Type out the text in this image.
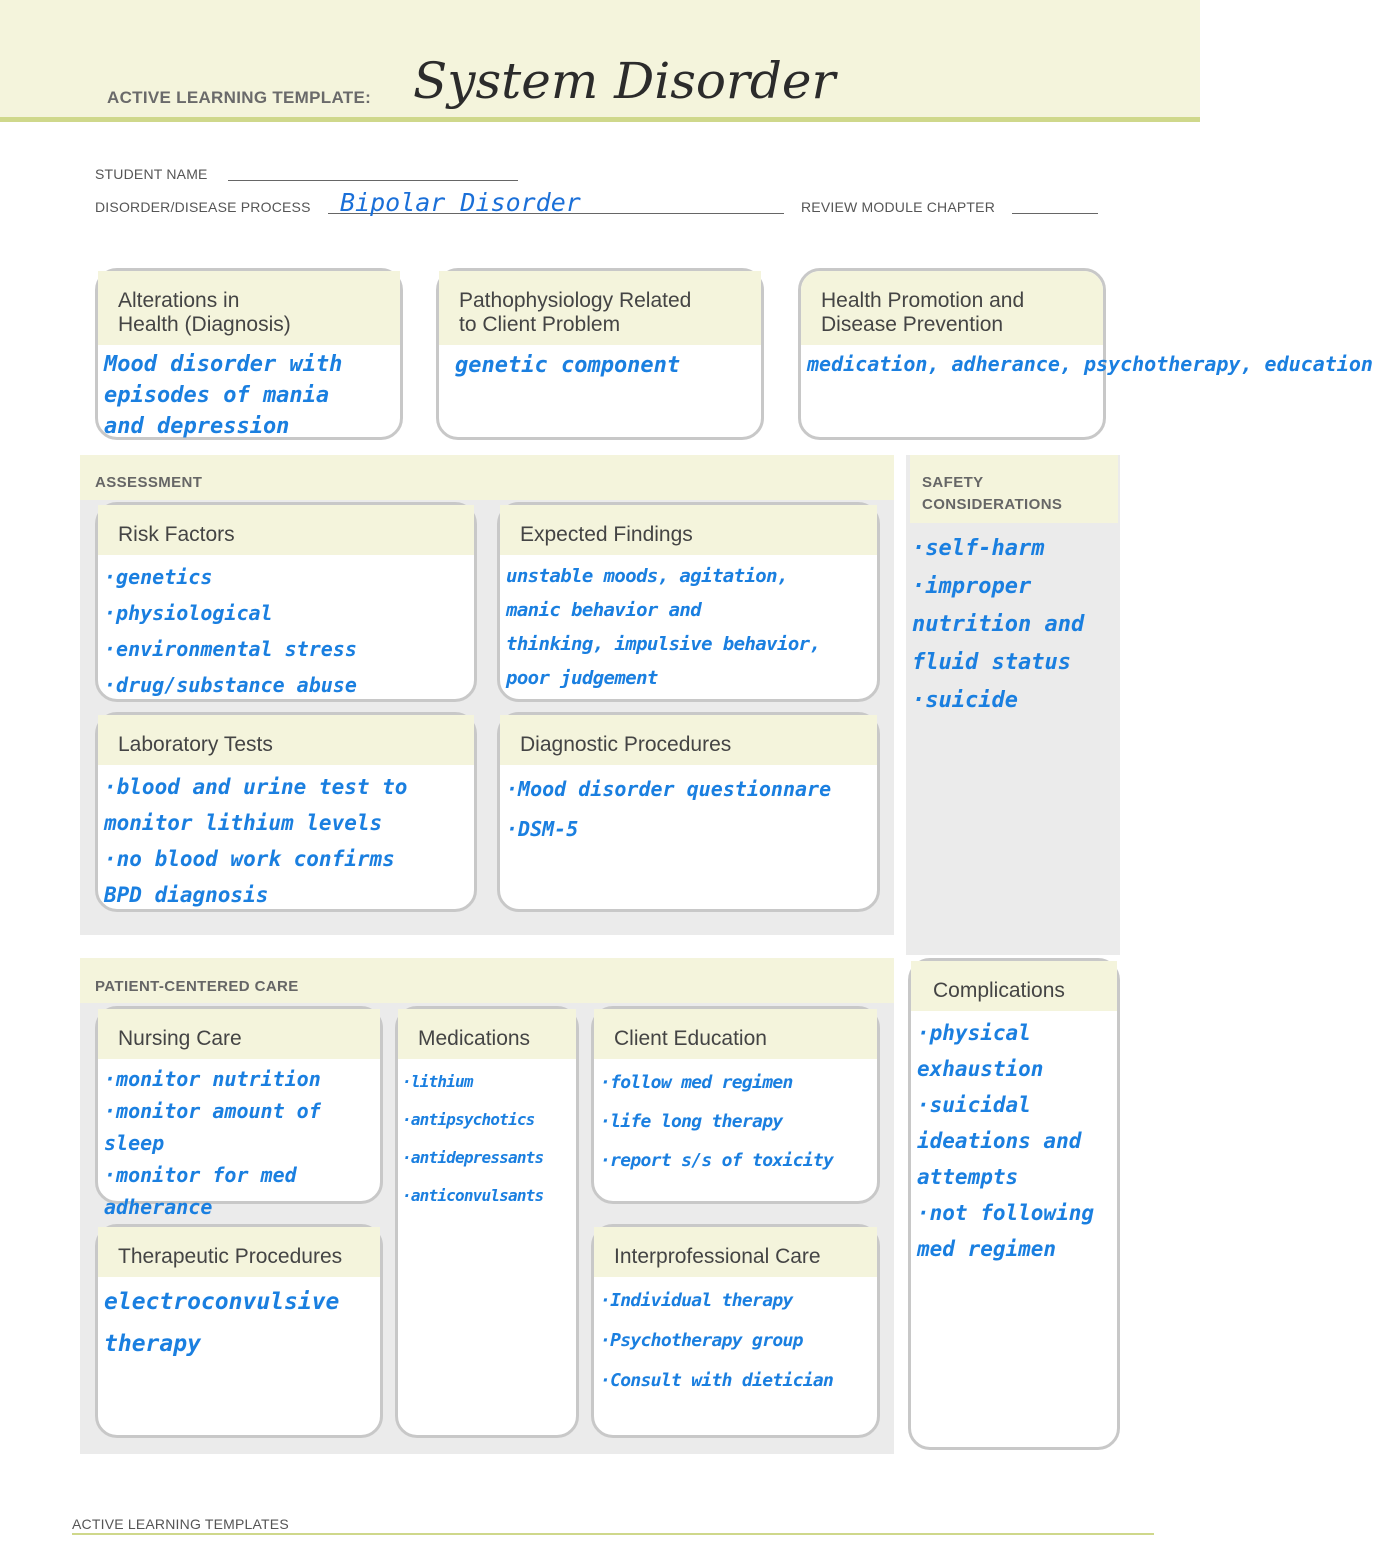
ACTIVE LEARNING TEMPLATE: System Disorder
STUDENT NAME
DISORDER/DISEASE PROCESS Bipolar Disorder	REVIEW MODULE CHAPTER
Alterations in
Health (Diagnosis)
Mood disorder with
episodes of mania
and depression
Pathophysiology Related
to Client Problem
genetic component
Health Promotion and
Disease Prevention
medication, adherance, psychotherapy, education
ASSESSMENT
Risk Factors
·genetics
·physiological
·environmental stress
·drug/substance abuse
Expected Findings
unstable moods, agitation,
manic behavior and
thinking, impulsive behavior,
poor judgement
Laboratory Tests
·blood and urine test to
monitor lithium levels
·no blood work confirms
BPD diagnosis
Diagnostic Procedures
·Mood disorder questionnare
·DSM-5
SAFETY
CONSIDERATIONS
·self-harm
·improper
nutrition and
fluid status
·suicide
PATIENT-CENTERED CARE
Nursing Care
·monitor nutrition
·monitor amount of
sleep
·monitor for med
adherance
Medications
·lithium
·antipsychotics
·antidepressants
·anticonvulsants
Client Education
·follow med regimen
·life long therapy
·report s/s of toxicity
Therapeutic Procedures
electroconvulsive
therapy
Interprofessional Care
·Individual therapy
·Psychotherapy group
·Consult with dietician
Complications
·physical
exhaustion
·suicidal
ideations and
attempts
·not following
med regimen
ACTIVE LEARNING TEMPLATES
